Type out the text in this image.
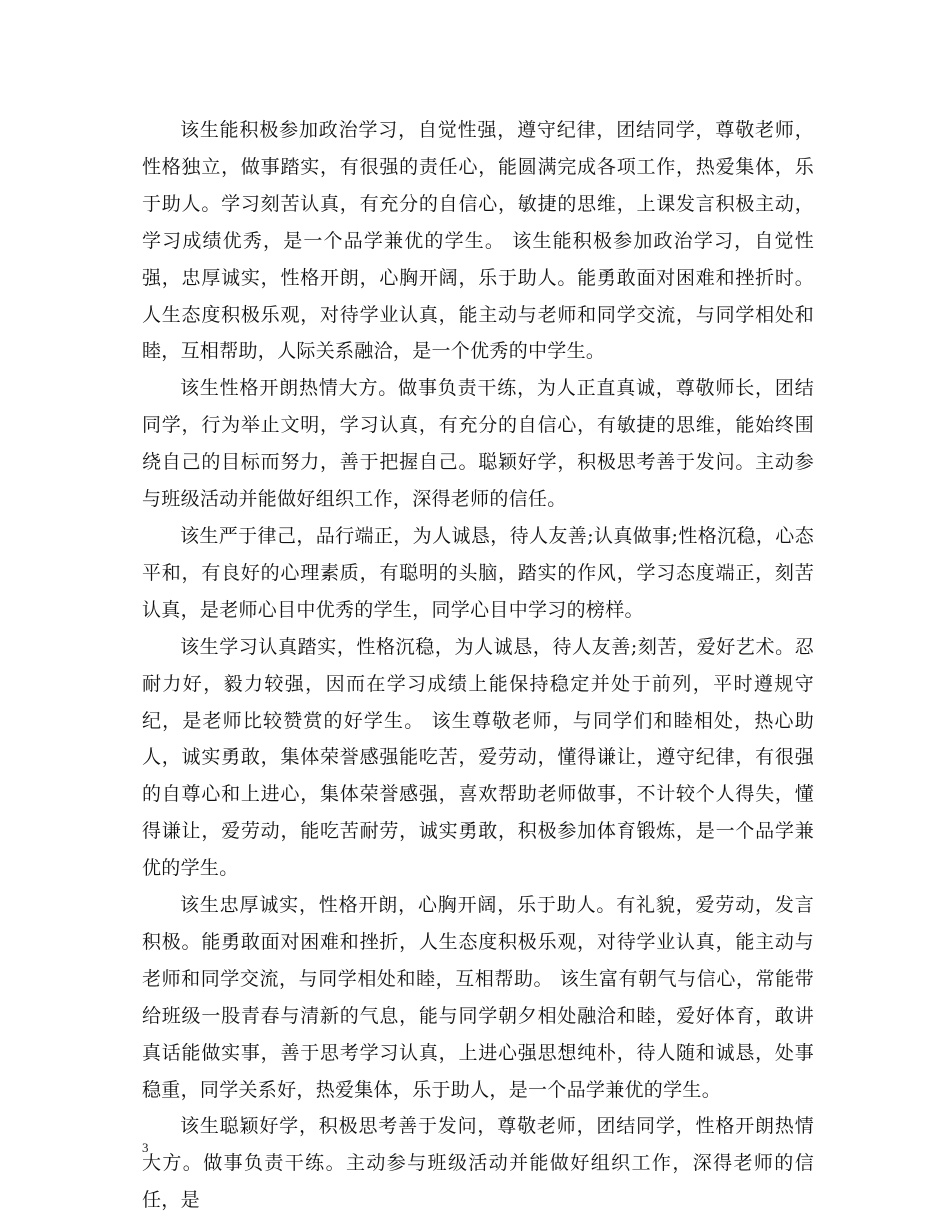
该生能积极参加政治学习，自觉性强，遵守纪律，团结同学，尊敬老师，性格独立，做事踏实，有很强的责任心，能圆满完成各项工作，热爱集体，乐于助人。学习刻苦认真，有充分的自信心，敏捷的思维，上课发言积极主动，学习成绩优秀，是一个品学兼优的学生。 该生能积极参加政治学习，自觉性强，忠厚诚实，性格开朗，心胸开阔，乐于助人。能勇敢面对困难和挫折时。人生态度积极乐观，对待学业认真，能主动与老师和同学交流，与同学相处和睦，互相帮助，人际关系融洽，是一个优秀的中学生。

该生性格开朗热情大方。做事负责干练，为人正直真诚，尊敬师长，团结同学，行为举止文明，学习认真，有充分的自信心，有敏捷的思维，能始终围绕自己的目标而努力，善于把握自己。聪颖好学，积极思考善于发问。主动参与班级活动并能做好组织工作，深得老师的信任。

该生严于律己，品行端正，为人诚恳，待人友善;认真做事;性格沉稳，心态平和，有良好的心理素质，有聪明的头脑，踏实的作风，学习态度端正，刻苦认真，是老师心目中优秀的学生，同学心目中学习的榜样。

该生学习认真踏实，性格沉稳，为人诚恳，待人友善;刻苦，爱好艺术。忍耐力好，毅力较强，因而在学习成绩上能保持稳定并处于前列，平时遵规守纪，是老师比较赞赏的好学生。 该生尊敬老师，与同学们和睦相处，热心助人，诚实勇敢，集体荣誉感强能吃苦，爱劳动，懂得谦让，遵守纪律，有很强的自尊心和上进心，集体荣誉感强，喜欢帮助老师做事，不计较个人得失，懂得谦让，爱劳动，能吃苦耐劳，诚实勇敢，积极参加体育锻炼，是一个品学兼优的学生。

该生忠厚诚实，性格开朗，心胸开阔，乐于助人。有礼貌，爱劳动，发言积极。能勇敢面对困难和挫折，人生态度积极乐观，对待学业认真，能主动与老师和同学交流，与同学相处和睦，互相帮助。 该生富有朝气与信心，常能带给班级一股青春与清新的气息，能与同学朝夕相处融洽和睦，爱好体育，敢讲真话能做实事，善于思考学习认真，上进心强思想纯朴，待人随和诚恳，处事稳重，同学关系好，热爱集体，乐于助人，是一个品学兼优的学生。

该生聪颖好学，积极思考善于发问，尊敬老师，团结同学，性格开朗热情大方。做事负责干练。主动参与班级活动并能做好组织工作，深得老师的信任，是

3
